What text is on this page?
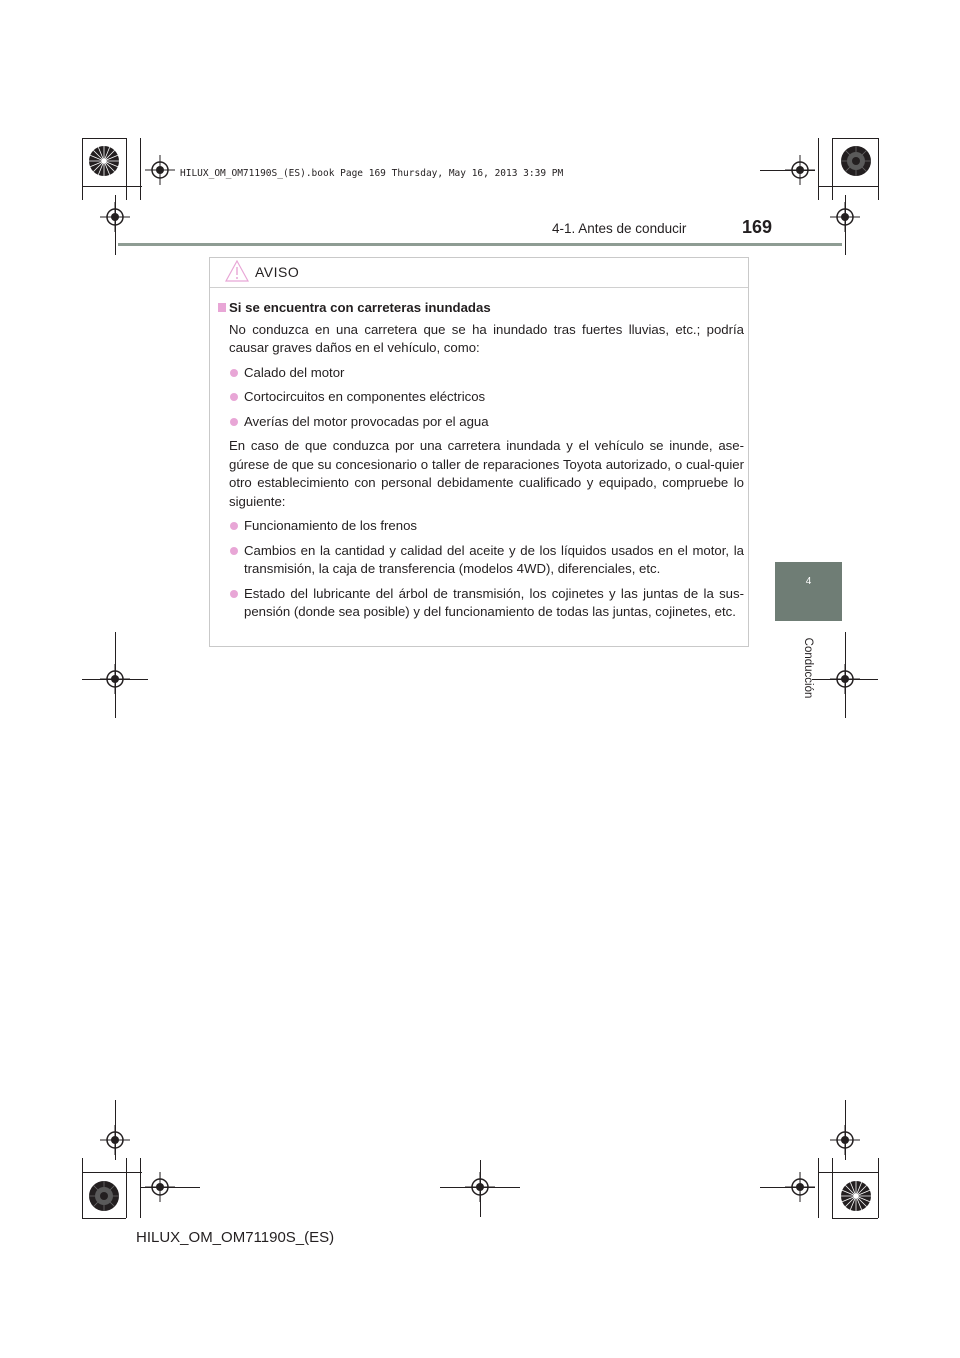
HILUX_OM_OM71190S_(ES).book Page 169 Thursday, May 16, 2013 3:39 PM
4-1. Antes de conducir	169
4
Conducción
AVISO
Si se encuentra con carreteras inundadas
No conduzca en una carretera que se ha inundado tras fuertes lluvias, etc.; podría causar graves daños en el vehículo, como:
Calado del motor
Cortocircuitos en componentes eléctricos
Averías del motor provocadas por el agua
En caso de que conduzca por una carretera inundada y el vehículo se inunde, ase-gúrese de que su concesionario o taller de reparaciones Toyota autorizado, o cual-quier otro establecimiento con personal debidamente cualificado y equipado, compruebe lo siguiente:
Funcionamiento de los frenos
Cambios en la cantidad y calidad del aceite y de los líquidos usados en el motor, la transmisión, la caja de transferencia (modelos 4WD), diferenciales, etc.
Estado del lubricante del árbol de transmisión, los cojinetes y las juntas de la sus-pensión (donde sea posible) y del funcionamiento de todas las juntas, cojinetes, etc.
HILUX_OM_OM71190S_(ES)
